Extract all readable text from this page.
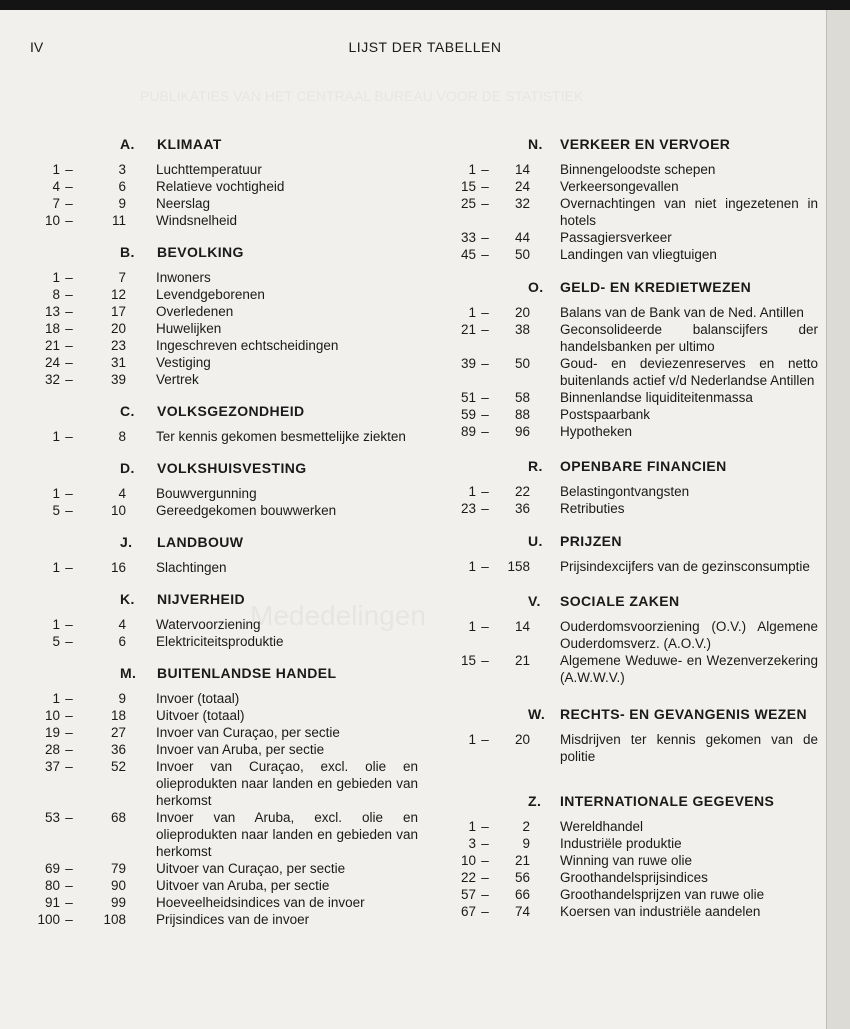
IV	LIJST DER TABELLEN
A.	KLIMAAT
1 –	3 Luchttemperatuur
4 –	6 Relatieve vochtigheid
7 –	9 Neerslag
10 –	11 Windsnelheid
B.	BEVOLKING
1 –	7 Inwoners
8 –	12 Levendgeborenen
13 –	17 Overledenen
18 –	20 Huwelijken
21 –	23 Ingeschreven echtscheidingen
24 –	31 Vestiging
32 –	39 Vertrek
C.	VOLKSGEZONDHEID
1 –	8 Ter kennis gekomen besmettelijke ziekten
D.	VOLKSHUISVESTING
1 –	4 Bouwvergunning
5 –	10 Gereedgekomen bouwwerken
J.	LANDBOUW
1 –	16 Slachtingen
K.	NIJVERHEID
1 –	4 Watervoorziening
5 –	6 Elektriciteitsproduktie
M.	BUITENLANDSE HANDEL
1 –	9 Invoer (totaal)
10 –	18 Uitvoer (totaal)
19 –	27 Invoer van Curaçao, per sectie
28 –	36 Invoer van Aruba, per sectie
37 –	52 Invoer van Curaçao, excl. olie en olieprodukten naar landen en gebieden van herkomst
53 –	68 Invoer van Aruba, excl. olie en olieprodukten naar landen en gebieden van herkomst
69 –	79 Uitvoer van Curaçao, per sectie
80 –	90 Uitvoer van Aruba, per sectie
91 –	99 Hoeveelheidsindices van de invoer
100 –	108 Prijsindices van de invoer
N.	VERKEER EN VERVOER
1 –	14 Binnengeloodste schepen
15 –	24 Verkeersongevallen
25 –	32 Overnachtingen van niet ingezetenen in hotels
33 –	44 Passagiersverkeer
45 –	50 Landingen van vliegtuigen
O.	GELD- EN KREDIETWEZEN
1 –	20 Balans van de Bank van de Ned. Antillen
21 –	38 Geconsolideerde balanscijfers der handelsbanken per ultimo
39 –	50 Goud- en deviezenreserves en netto buitenlands actief v/d Nederlandse Antillen
51 –	58 Binnenlandse liquiditeitenmassa
59 –	88 Postspaarbank
89 –	96 Hypotheken
R.	OPENBARE FINANCIEN
1 –	22 Belastingontvangsten
23 –	36 Retributies
U.	PRIJZEN
1 –	158 Prijsindexcijfers van de gezinsconsumptie
V.	SOCIALE ZAKEN
1 –	14 Ouderdomsvoorziening (O.V.) Algemene Ouderdomsverz. (A.O.V.)
15 –	21 Algemene Weduwe- en Wezenverzekering (A.W.W.V.)
W.	RECHTS- EN GEVANGENIS WEZEN
1 –	20 Misdrijven ter kennis gekomen van de politie
Z.	INTERNATIONALE GEGEVENS
1 –	2 Wereldhandel
3 –	9 Industriële produktie
10 –	21 Winning van ruwe olie
22 –	56 Groothandelsprijsindices
57 –	66 Groothandelsprijzen van ruwe olie
67 –	74 Koersen van industriële aandelen
